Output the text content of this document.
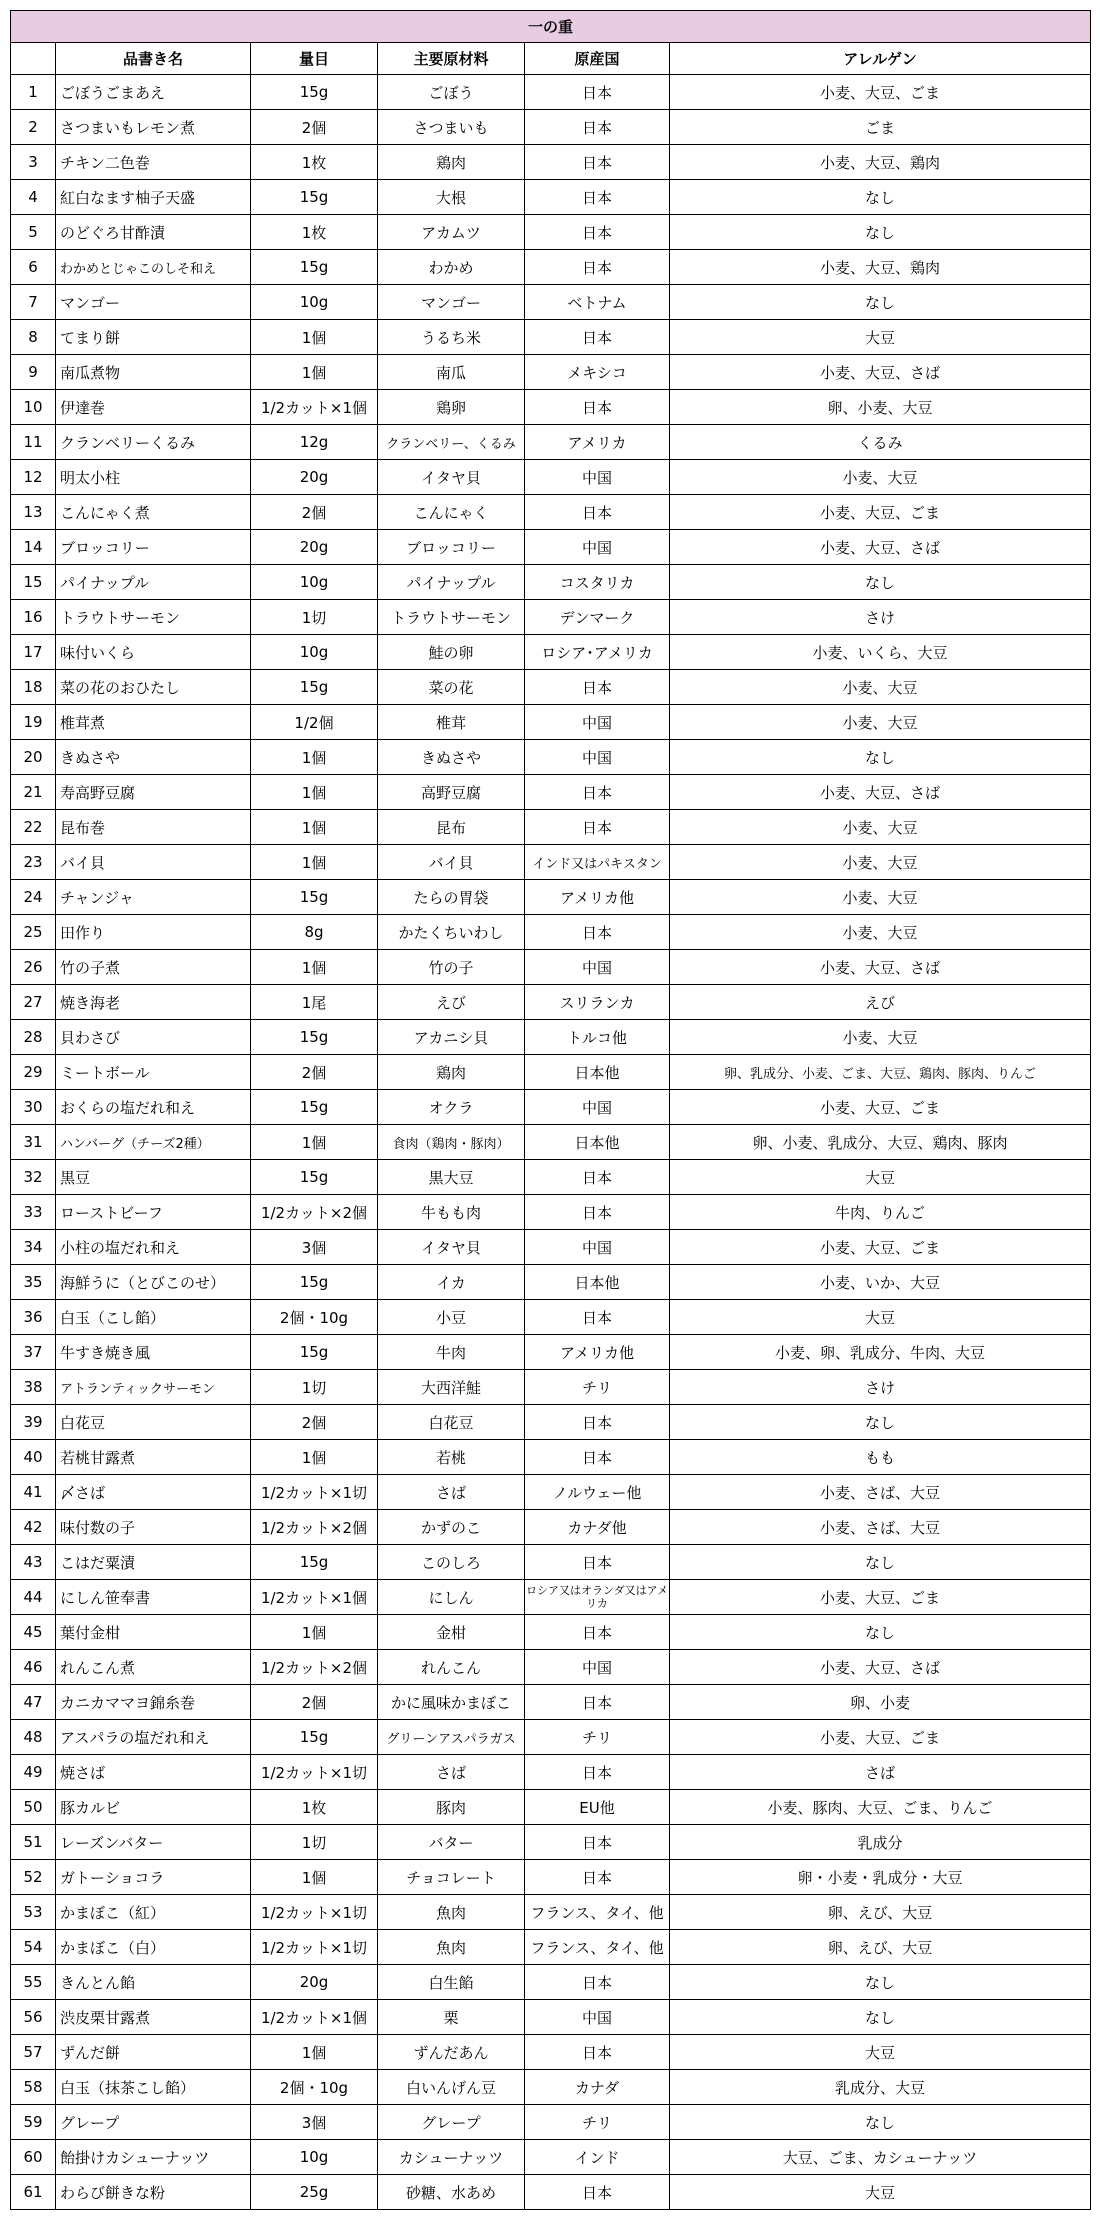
一の重					
	品書き名	量目	主要原材料	原産国	アレルゲン
1	ごぼうごまあえ	15g	ごぼう	日本	小麦、大豆、ごま
2	さつまいもレモン煮	2個	さつまいも	日本	ごま
3	チキン二色巻	1枚	鶏肉	日本	小麦、大豆、鶏肉
4	紅白なます柚子天盛	15g	大根	日本	なし
5	のどぐろ甘酢漬	1枚	アカムツ	日本	なし
6	わかめとじゃこのしそ和え	15g	わかめ	日本	小麦、大豆、鶏肉
7	マンゴー	10g	マンゴー	ベトナム	なし
8	てまり餅	1個	うるち米	日本	大豆
9	南瓜煮物	1個	南瓜	メキシコ	小麦、大豆、さば
10	伊達巻	1/2カット×1個	鶏卵	日本	卵、小麦、大豆
11	クランベリーくるみ	12g	クランベリー、くるみ	アメリカ	くるみ
12	明太小柱	20g	イタヤ貝	中国	小麦、大豆
13	こんにゃく煮	2個	こんにゃく	日本	小麦、大豆、ごま
14	ブロッコリー	20g	ブロッコリー	中国	小麦、大豆、さば
15	パイナップル	10g	パイナップル	コスタリカ	なし
16	トラウトサーモン	1切	トラウトサーモン	デンマーク	さけ
17	味付いくら	10g	鮭の卵	ロシア･アメリカ	小麦、いくら、大豆
18	菜の花のおひたし	15g	菜の花	日本	小麦、大豆
19	椎茸煮	1/2個	椎茸	中国	小麦、大豆
20	きぬさや	1個	きぬさや	中国	なし
21	寿高野豆腐	1個	高野豆腐	日本	小麦、大豆、さば
22	昆布巻	1個	昆布	日本	小麦、大豆
23	バイ貝	1個	バイ貝	インド又はパキスタン	小麦、大豆
24	チャンジャ	15g	たらの胃袋	アメリカ他	小麦、大豆
25	田作り	8g	かたくちいわし	日本	小麦、大豆
26	竹の子煮	1個	竹の子	中国	小麦、大豆、さば
27	焼き海老	1尾	えび	スリランカ	えび
28	貝わさび	15g	アカニシ貝	トルコ他	小麦、大豆
29	ミートボール	2個	鶏肉	日本他	卵、乳成分、小麦、ごま、大豆、鶏肉、豚肉、りんご
30	おくらの塩だれ和え	15g	オクラ	中国	小麦、大豆、ごま
31	ハンバーグ（チーズ2種）	1個	食肉（鶏肉・豚肉）	日本他	卵、小麦、乳成分、大豆、鶏肉、豚肉
32	黒豆	15g	黒大豆	日本	大豆
33	ローストビーフ	1/2カット×2個	牛もも肉	日本	牛肉、りんご
34	小柱の塩だれ和え	3個	イタヤ貝	中国	小麦、大豆、ごま
35	海鮮うに（とびこのせ）	15g	イカ	日本他	小麦、いか、大豆
36	白玉（こし餡）	2個・10g	小豆	日本	大豆
37	牛すき焼き風	15g	牛肉	アメリカ他	小麦、卵、乳成分、牛肉、大豆
38	アトランティックサーモン	1切	大西洋鮭	チリ	さけ
39	白花豆	2個	白花豆	日本	なし
40	若桃甘露煮	1個	若桃	日本	もも
41	〆さば	1/2カット×1切	さば	ノルウェー他	小麦、さば、大豆
42	味付数の子	1/2カット×2個	かずのこ	カナダ他	小麦、さば、大豆
43	こはだ粟漬	15g	このしろ	日本	なし
44	にしん笹奉書	1/2カット×1個	にしん	ロシア又はオランダ又はアメリカ	小麦、大豆、ごま
45	葉付金柑	1個	金柑	日本	なし
46	れんこん煮	1/2カット×2個	れんこん	中国	小麦、大豆、さば
47	カニカママヨ錦糸巻	2個	かに風味かまぼこ	日本	卵、小麦
48	アスパラの塩だれ和え	15g	グリーンアスパラガス	チリ	小麦、大豆、ごま
49	焼さば	1/2カット×1切	さば	日本	さば
50	豚カルビ	1枚	豚肉	EU他	小麦、豚肉、大豆、ごま、りんご
51	レーズンバター	1切	バター	日本	乳成分
52	ガトーショコラ	1個	チョコレート	日本	卵・小麦・乳成分・大豆
53	かまぼこ（紅）	1/2カット×1切	魚肉	フランス、タイ、他	卵、えび、大豆
54	かまぼこ（白）	1/2カット×1切	魚肉	フランス、タイ、他	卵、えび、大豆
55	きんとん餡	20g	白生餡	日本	なし
56	渋皮栗甘露煮	1/2カット×1個	栗	中国	なし
57	ずんだ餅	1個	ずんだあん	日本	大豆
58	白玉（抹茶こし餡）	2個・10g	白いんげん豆	カナダ	乳成分、大豆
59	グレープ	3個	グレープ	チリ	なし
60	飴掛けカシューナッツ	10g	カシューナッツ	インド	大豆、ごま、カシューナッツ
61	わらび餅きな粉	25g	砂糖、水あめ	日本	大豆
